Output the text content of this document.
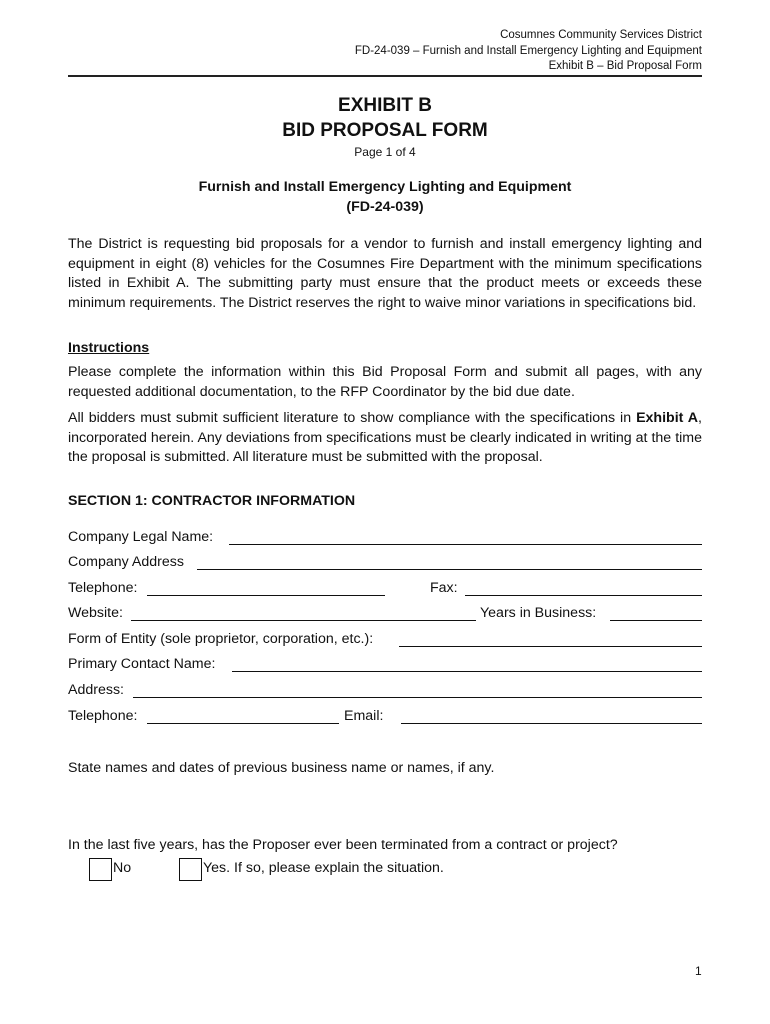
Cosumnes Community Services District
FD-24-039 – Furnish and Install Emergency Lighting and Equipment
Exhibit B – Bid Proposal Form
EXHIBIT B
BID PROPOSAL FORM
Page 1 of 4
Furnish and Install Emergency Lighting and Equipment
(FD-24-039)
The District is requesting bid proposals for a vendor to furnish and install emergency lighting and equipment in eight (8) vehicles for the Cosumnes Fire Department with the minimum specifications listed in Exhibit A. The submitting party must ensure that the product meets or exceeds these minimum requirements. The District reserves the right to waive minor variations in specifications bid.
Instructions
Please complete the information within this Bid Proposal Form and submit all pages, with any requested additional documentation, to the RFP Coordinator by the bid due date.
All bidders must submit sufficient literature to show compliance with the specifications in Exhibit A, incorporated herein. Any deviations from specifications must be clearly indicated in writing at the time the proposal is submitted. All literature must be submitted with the proposal.
SECTION 1: CONTRACTOR INFORMATION
Company Legal Name:
Company Address
Telephone:	Fax:
Website:	Years in Business:
Form of Entity (sole proprietor, corporation, etc.):
Primary Contact Name:
Address:
Telephone:	Email:
State names and dates of previous business name or names, if any.
In the last five years, has the Proposer ever been terminated from a contract or project?
No	Yes. If so, please explain the situation.
1
